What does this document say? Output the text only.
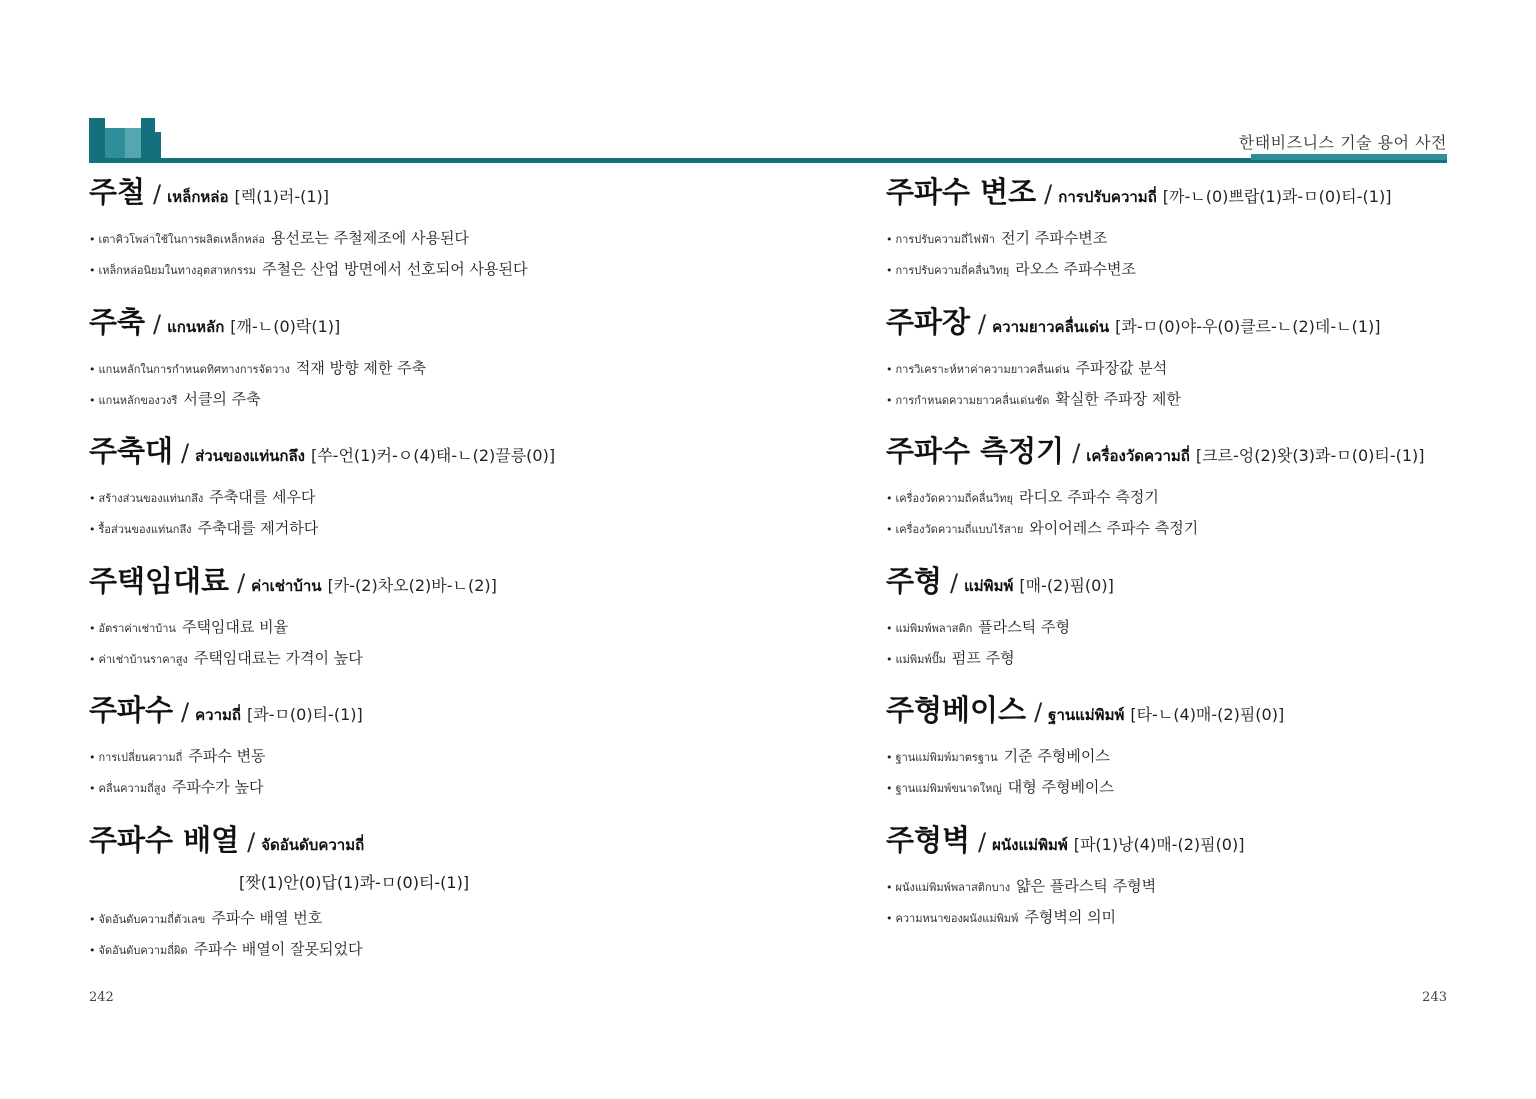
한태비즈니스 기술 용어 사전
주철 / เหล็กหล่อ [렉(1)러-(1)]
• เตาคิวโพล่าใช้ในการผลิตเหล็กหล่อ 용선로는 주철제조에 사용된다
• เหล็กหล่อนิยมในทางอุตสาหกรรม 주철은 산업 방면에서 선호되어 사용된다
주축 / แกนหลัก [깨-ㄴ(0)락(1)]
• แกนหลักในการกำหนดทิศทางการจัดวาง 적재 방향 제한 주축
• แกนหลักของวงรี 서클의 주축
주축대 / ส่วนของแท่นกลึง [쑤-언(1)커-ㅇ(4)태-ㄴ(2)끌릉(0)]
• สร้างส่วนของแท่นกลึง 주축대를 세우다
• รื้อส่วนของแท่นกลึง 주축대를 제거하다
주택임대료 / ค่าเช่าบ้าน [카-(2)차오(2)바-ㄴ(2)]
• อัตราค่าเช่าบ้าน 주택임대료 비율
• ค่าเช่าบ้านราคาสูง 주택임대료는 가격이 높다
주파수 / ความถี่ [콰-ㅁ(0)티-(1)]
• การเปลี่ยนความถี่ 주파수 변동
• คลื่นความถี่สูง 주파수가 높다
주파수 배열 / จัดอันดับความถี่
[짯(1)안(0)답(1)콰-ㅁ(0)티-(1)]
• จัดอันดับความถี่ตัวเลข 주파수 배열 번호
• จัดอันดับความถี่ผิด 주파수 배열이 잘못되었다
주파수 변조 / การปรับความถี่ [까-ㄴ(0)쁘랍(1)콰-ㅁ(0)티-(1)]
• การปรับความถี่ไฟฟ้า 전기 주파수변조
• การปรับความถี่คลื่นวิทยุ 라오스 주파수변조
주파장 / ความยาวคลื่นเด่น [콰-ㅁ(0)야-우(0)클르-ㄴ(2)데-ㄴ(1)]
• การวิเคราะห์หาค่าความยาวคลื่นเด่น 주파장값 분석
• การกำหนดความยาวคลื่นเด่นชัด 확실한 주파장 제한
주파수 측정기 / เครื่องวัดความถี่ [크르-엉(2)왓(3)콰-ㅁ(0)티-(1)]
• เครื่องวัดความถี่คลื่นวิทยุ 라디오 주파수 측정기
• เครื่องวัดความถี่แบบไร้สาย 와이어레스 주파수 측정기
주형 / แม่พิมพ์ [매-(2)핌(0)]
• แม่พิมพ์พลาสติก 플라스틱 주형
• แม่พิมพ์ปั๊ม 펌프 주형
주형베이스 / ฐานแม่พิมพ์ [타-ㄴ(4)매-(2)핌(0)]
• ฐานแม่พิมพ์มาตรฐาน 기준 주형베이스
• ฐานแม่พิมพ์ขนาดใหญ่ 대형 주형베이스
주형벽 / ผนังแม่พิมพ์ [파(1)낭(4)매-(2)핌(0)]
• ผนังแม่พิมพ์พลาสติกบาง 얇은 플라스틱 주형벽
• ความหนาของผนังแม่พิมพ์ 주형벽의 의미
242	243
